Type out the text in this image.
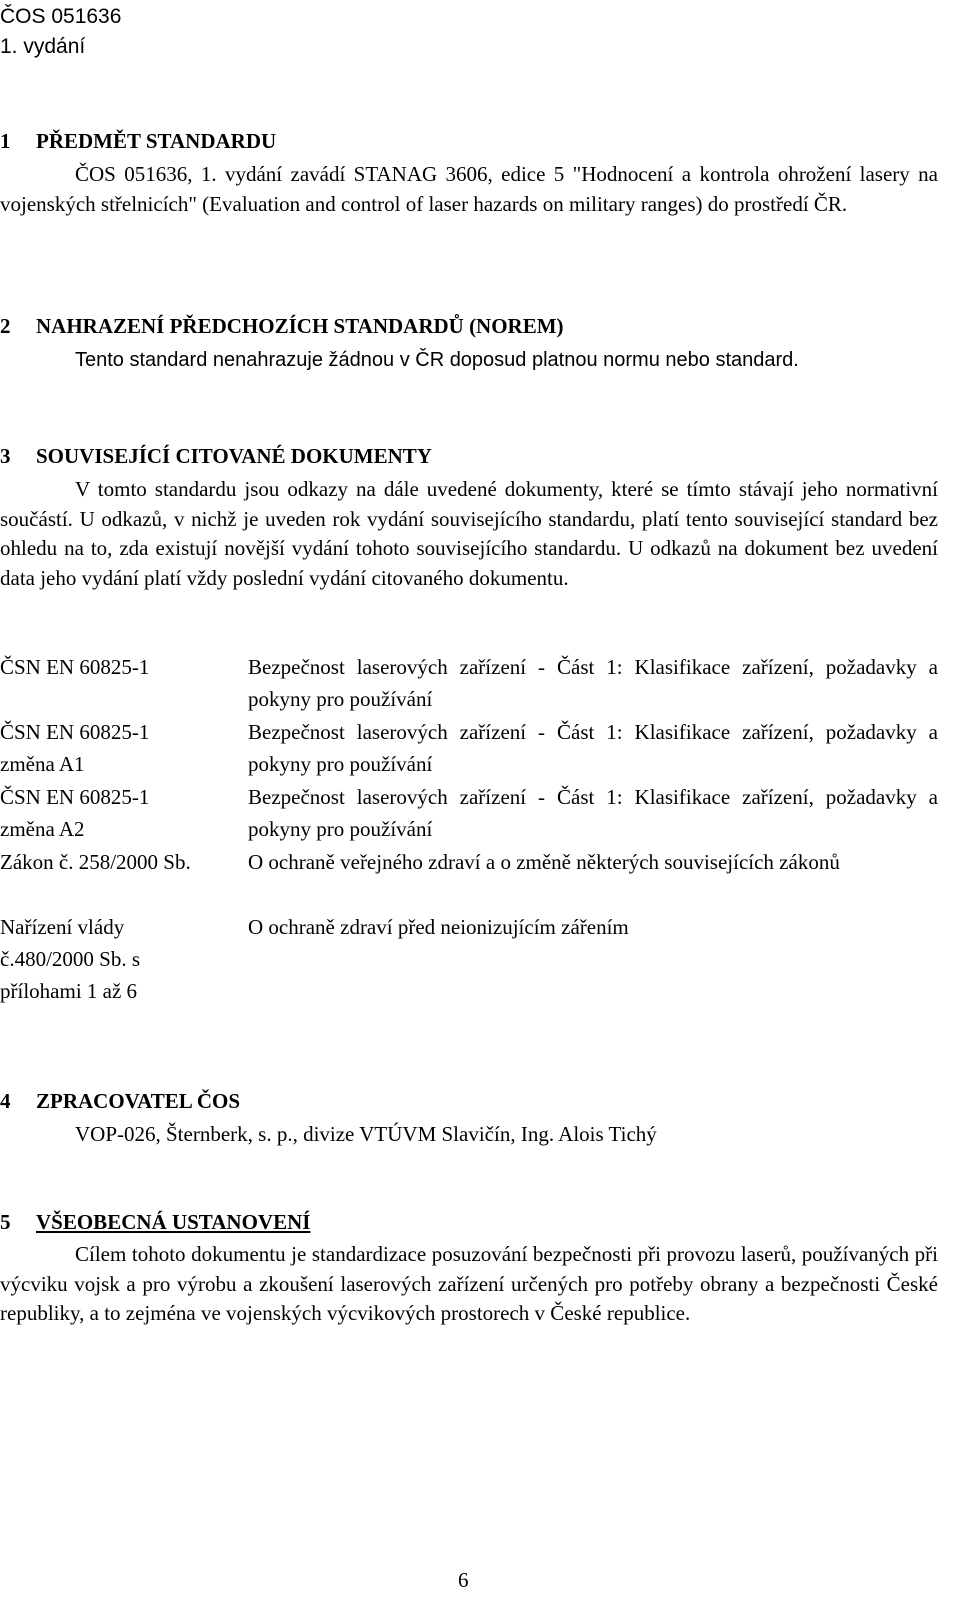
ČOS 051636
1. vydání
1 PŘEDMĚT STANDARDU
ČOS 051636, 1. vydání zavádí STANAG 3606, edice 5 "Hodnocení a kontrola ohrožení lasery na vojenských střelnicích" (Evaluation and control of laser hazards on military ranges) do prostředí ČR.
2 NAHRAZENÍ PŘEDCHOZÍCH STANDARDŮ (NOREM)
Tento standard nenahrazuje žádnou v ČR doposud platnou normu nebo standard.
3 SOUVISEJÍCÍ CITOVANÉ DOKUMENTY
V tomto standardu jsou odkazy na dále uvedené dokumenty, které se tímto stávají jeho normativní součástí. U odkazů, v nichž je uveden rok vydání souvisejícího standardu, platí tento související standard bez ohledu na to, zda existují novější vydání tohoto souvisejícího standardu. U odkazů na dokument bez uvedení data jeho vydání platí vždy poslední vydání citovaného dokumentu.
ČSN EN 60825-1	Bezpečnost laserových zařízení - Část 1: Klasifikace zařízení, požadavky a pokyny pro používání
ČSN EN 60825-1 změna A1
Bezpečnost laserových zařízení - Část 1: Klasifikace zařízení, požadavky a pokyny pro používání
ČSN EN 60825-1 změna A2
Bezpečnost laserových zařízení - Část 1: Klasifikace zařízení, požadavky a pokyny pro používání
Zákon č. 258/2000 Sb.	O ochraně veřejného zdraví a o změně některých souvisejících zákonů
Nařízení vlády č.480/2000 Sb. s přílohami 1 až 6
O ochraně zdraví před neionizujícím zářením
4 ZPRACOVATEL ČOS
VOP-026, Šternberk, s. p., divize VTÚVM Slavičín, Ing. Alois Tichý
5 VŠEOBECNÁ USTANOVENÍ
Cílem tohoto dokumentu je standardizace posuzování bezpečnosti při provozu laserů, používaných při výcviku vojsk a pro výrobu a zkoušení laserových zařízení určených pro potřeby obrany a bezpečnosti České republiky, a to zejména ve vojenských výcvikových prostorech v České republice.
6
